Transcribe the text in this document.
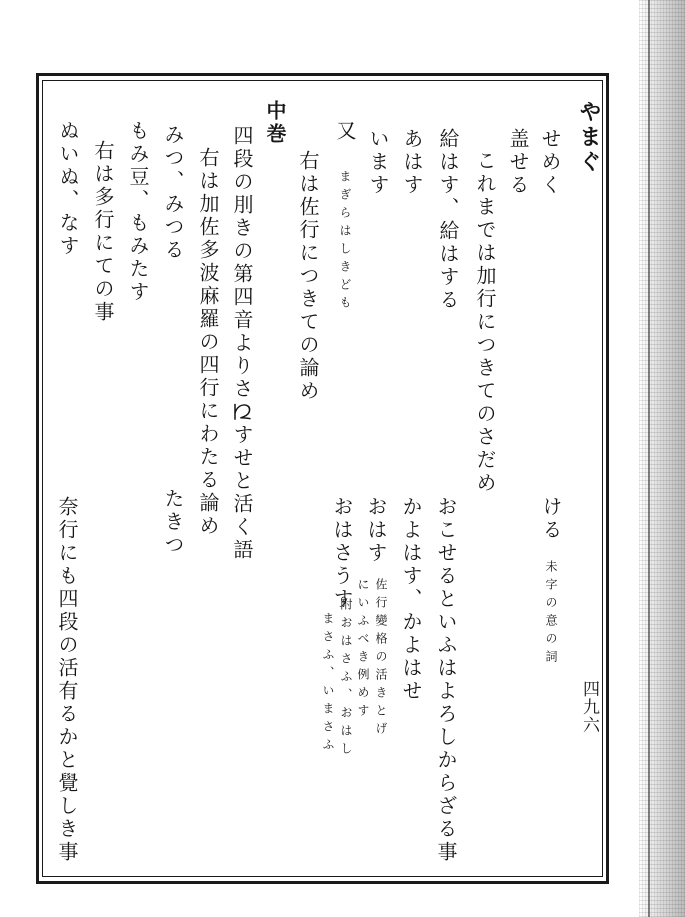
やまぐ
四九六
せめく
盖せる
これまでは加行につきてのさだめ
給はす、給はする
あはす
います
又
まぎらはしきども
右は佐行につきての論め
中巻
四段の刖きの第四音よりさ𛀁すせと活く語
右は加佐多波麻羅の四行にわたる論め
みつ、みつる
もみ豆、もみたす
右は多行にての事
ぬいぬ、なす
ける
未字の意の詞
おこせるといふはよろしからざる事
かよはす、かよはせ
おはす
佐行變格の活きとげ
にいふべき例めす
おはさうす
附おはさふ、おはし
まさふ、いまさふ
たきつ
奈行にも四段の活有るかと覺しき事
